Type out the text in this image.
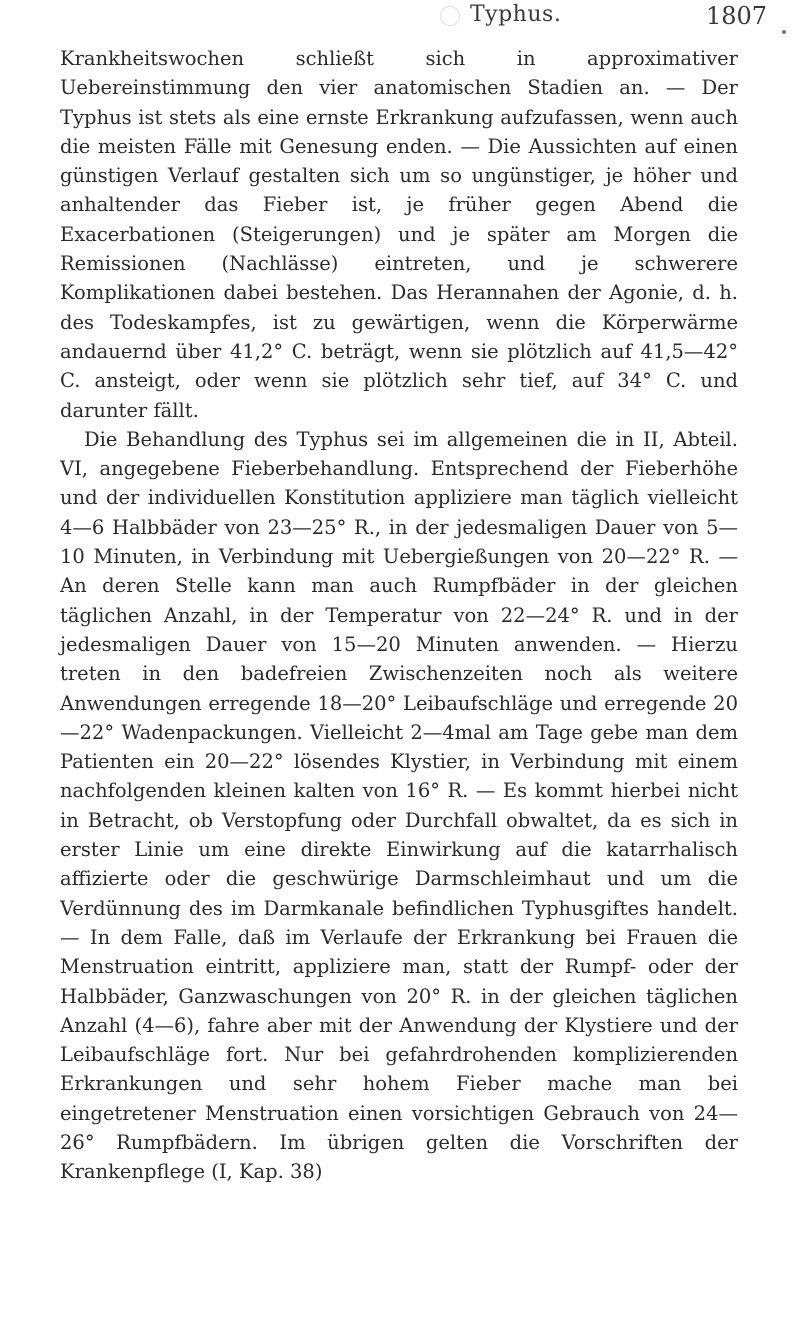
Typhus.	1807

Krankheitswochen schließt sich in approximativer Uebereinstimmung den vier anatomischen Stadien an. — Der Typhus ist stets als eine ernste Erkrankung aufzufassen, wenn auch die meisten Fälle mit Genesung enden. — Die Aussichten auf einen günstigen Verlauf gestalten sich um so ungünstiger, je höher und anhaltender das Fieber ist, je früher gegen Abend die Exacerbationen (Steigerungen) und je später am Morgen die Remissionen (Nachlässe) eintreten, und je schwerere Komplikationen dabei bestehen. Das Herannahen der Agonie, d. h. des Todeskampfes, ist zu gewärtigen, wenn die Körperwärme andauernd über 41,2° C. beträgt, wenn sie plötzlich auf 41,5—42° C. ansteigt, oder wenn sie plötzlich sehr tief, auf 34° C. und darunter fällt.

Die Behandlung des Typhus sei im allgemeinen die in II, Abteil. VI, angegebene Fieberbehandlung. Entsprechend der Fieberhöhe und der individuellen Konstitution appliziere man täglich vielleicht 4—6 Halbbäder von 23—25° R., in der jedesmaligen Dauer von 5—10 Minuten, in Verbindung mit Uebergießungen von 20—22° R. — An deren Stelle kann man auch Rumpfbäder in der gleichen täglichen Anzahl, in der Temperatur von 22—24° R. und in der jedesmaligen Dauer von 15—20 Minuten anwenden. — Hierzu treten in den badefreien Zwischenzeiten noch als weitere Anwendungen erregende 18—20° Leibaufschläge und erregende 20—22° Wadenpackungen. Vielleicht 2—4mal am Tage gebe man dem Patienten ein 20—22° lösendes Klystier, in Verbindung mit einem nachfolgenden kleinen kalten von 16° R. — Es kommt hierbei nicht in Betracht, ob Verstopfung oder Durchfall obwaltet, da es sich in erster Linie um eine direkte Einwirkung auf die katarrhalisch affizierte oder die geschwürige Darmschleimhaut und um die Verdünnung des im Darmkanale befindlichen Typhusgiftes handelt. — In dem Falle, daß im Verlaufe der Erkrankung bei Frauen die Menstruation eintritt, appliziere man, statt der Rumpf- oder der Halbbäder, Ganzwaschungen von 20° R. in der gleichen täglichen Anzahl (4—6), fahre aber mit der Anwendung der Klystiere und der Leibaufschläge fort. Nur bei gefahrdrohenden komplizierenden Erkrankungen und sehr hohem Fieber mache man bei eingetretener Menstruation einen vorsichtigen Gebrauch von 24—26° Rumpfbädern. Im übrigen gelten die Vorschriften der Krankenpflege (I, Kap. 38)
